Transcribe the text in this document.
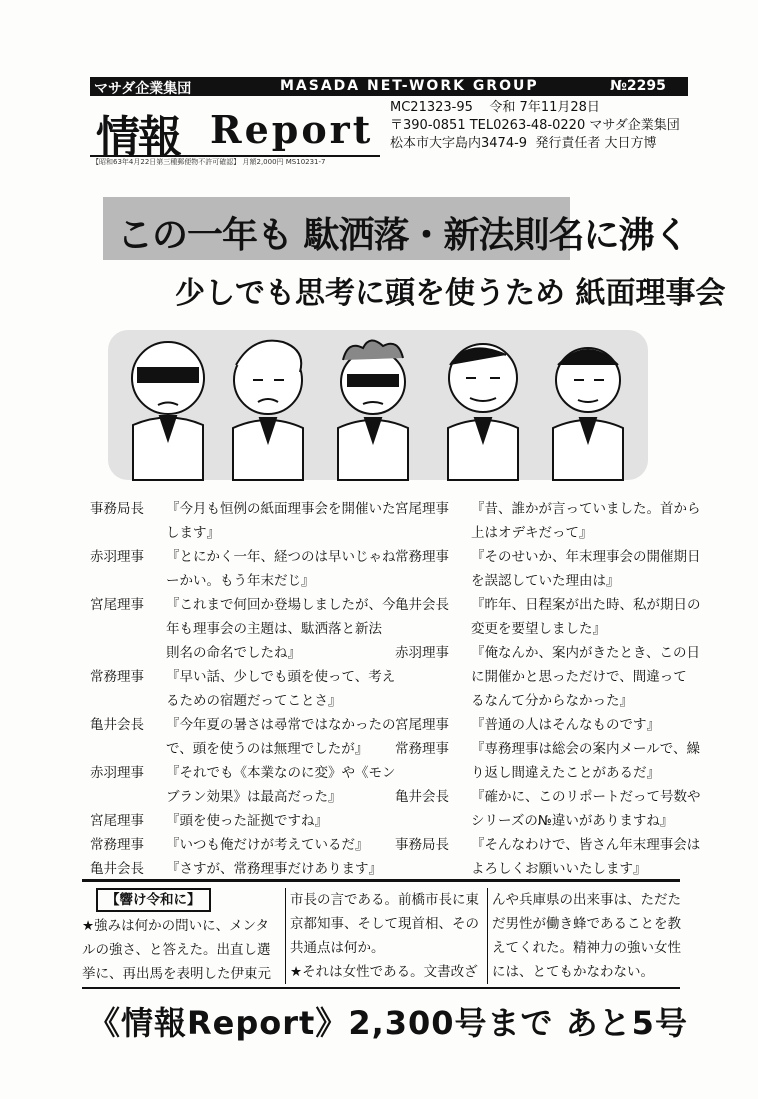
マサダ企業集団	MASADA NET-WORK GROUP	№2295
情報 Report MC21323-95 令和 7年11月28日
〒390-0851 TEL0263-48-0220 マサダ企業集団
松本市大字島内3474-9 発行責任者 大日方博
【昭和63年4月22日第三種郵便物不許可確認】 月額2,000円 MS10231-7
この一年も 駄洒落・新法則名に沸く
少しでも思考に頭を使うため 紙面理事会
事務局長	『今月も恒例の紙面理事会を開催いた
します』
赤羽理事	『とにかく一年、経つのは早いじゃね
ーかい。もう年末だじ』
宮尾理事	『これまで何回か登場しましたが、今
年も理事会の主題は、駄洒落と新法
則名の命名でしたね』
常務理事	『早い話、少しでも頭を使って、考え
るための宿題だってことさ』
亀井会長	『今年夏の暑さは尋常ではなかったの
で、頭を使うのは無理でしたが』
赤羽理事	『それでも《本業なのに変》や《モン
ブラン効果》は最高だった』
宮尾理事	『頭を使った証拠ですね』
常務理事	『いつも俺だけが考えているだ』
亀井会長	『さすが、常務理事だけあります』
宮尾理事	『昔、誰かが言っていました。首から
上はオデキだって』
常務理事	『そのせいか、年末理事会の開催期日
を誤認していた理由は』
亀井会長	『昨年、日程案が出た時、私が期日の
変更を要望しました』
赤羽理事	『俺なんか、案内がきたとき、この日
に開催かと思っただけで、間違って
るなんて分からなかった』
宮尾理事	『普通の人はそんなものです』
常務理事	『専務理事は総会の案内メールで、繰
り返し間違えたことがあるだ』
亀井会長	『確かに、このリポートだって号数や
シリーズの№違いがありますね』
事務局長	『そんなわけで、皆さん年末理事会は
よろしくお願いいたします』
【響け令和に】
★強みは何かの問いに、メンタ
ルの強さ、と答えた。出直し選
挙に、再出馬を表明した伊東元
市長の言である。前橋市長に東
京都知事、そして現首相、その
共通点は何か。
★それは女性である。文書改ざ
んや兵庫県の出来事は、ただた
だ男性が働き蜂であることを教
えてくれた。精神力の強い女性
には、とてもかなわない。
《情報Report》2,300号まで あと5号
